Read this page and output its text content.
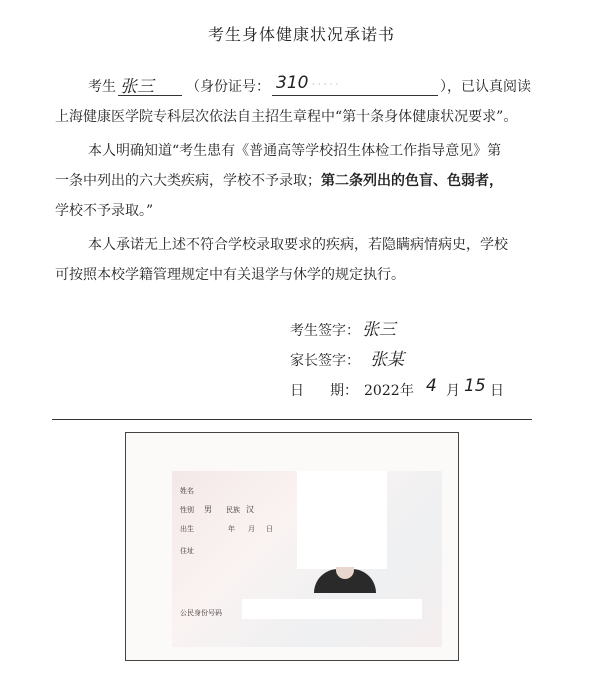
考生身体健康状况承诺书
考生 张三 （身份证号： 310 ·····	），已认真阅读
上海健康医学院专科层次依法自主招生章程中“第十条身体健康状况要求”。
本人明确知道“考生患有《普通高等学校招生体检工作指导意见》第
一条中列出的六大类疾病，学校不予录取；第二条列出的色盲、色弱者，
学校不予录取。”
本人承诺无上述不符合学校录取要求的疾病，若隐瞒病情病史，学校
可按照本校学籍管理规定中有关退学与休学的规定执行。
考生签字： 张三
家长签字： 张某
日 期： 2022 年 4 月 15 日
姓名
性别 男 民族 汉
出生	年 月 日
住址
公民身份号码
